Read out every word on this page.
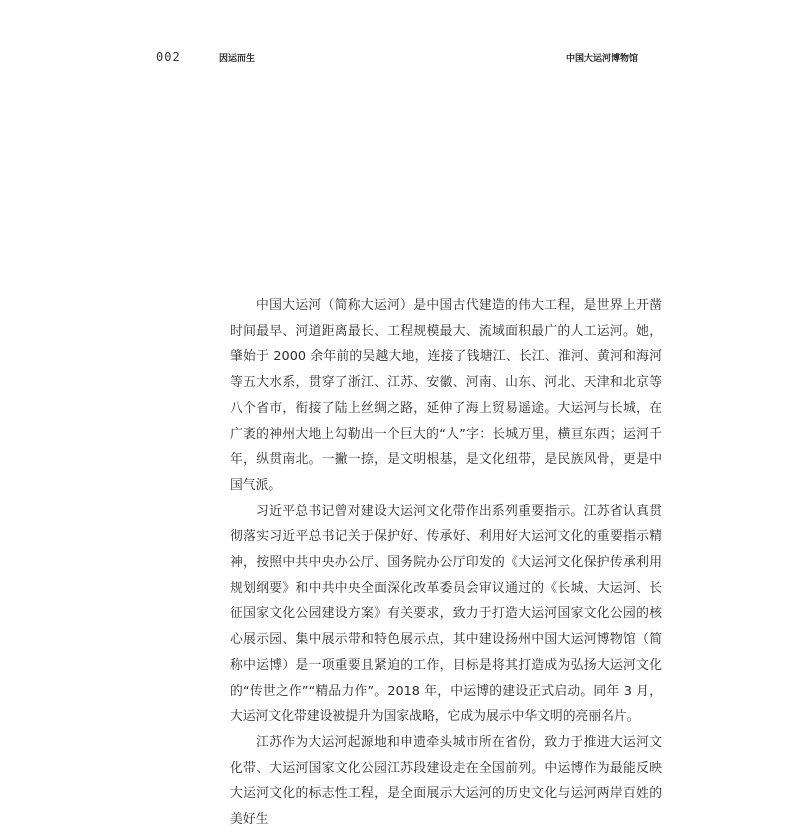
002	因运而生	中国大运河博物馆

中国大运河（简称大运河）是中国古代建造的伟大工程，是世界上开凿时间最早、河道距离最长、工程规模最大、流域面积最广的人工运河。她，肇始于 2000 余年前的吴越大地，连接了钱塘江、长江、淮河、黄河和海河等五大水系，贯穿了浙江、江苏、安徽、河南、山东、河北、天津和北京等八个省市，衔接了陆上丝绸之路，延伸了海上贸易遥途。大运河与长城，在广袤的神州大地上勾勒出一个巨大的“人”字：长城万里，横亘东西；运河千年，纵贯南北。一撇一捺，是文明根基，是文化纽带，是民族风骨，更是中国气派。

习近平总书记曾对建设大运河文化带作出系列重要指示。江苏省认真贯彻落实习近平总书记关于保护好、传承好、利用好大运河文化的重要指示精神，按照中共中央办公厅、国务院办公厅印发的《大运河文化保护传承利用规划纲要》和中共中央全面深化改革委员会审议通过的《长城、大运河、长征国家文化公园建设方案》有关要求，致力于打造大运河国家文化公园的核心展示园、集中展示带和特色展示点，其中建设扬州中国大运河博物馆（简称中运博）是一项重要且紧迫的工作，目标是将其打造成为弘扬大运河文化的“传世之作”“精品力作”。2018 年，中运博的建设正式启动。同年 3 月，大运河文化带建设被提升为国家战略，它成为展示中华文明的亮丽名片。

江苏作为大运河起源地和申遗牵头城市所在省份，致力于推进大运河文化带、大运河国家文化公园江苏段建设走在全国前列。中运博作为最能反映大运河文化的标志性工程，是全面展示大运河的历史文化与运河两岸百姓的美好生
